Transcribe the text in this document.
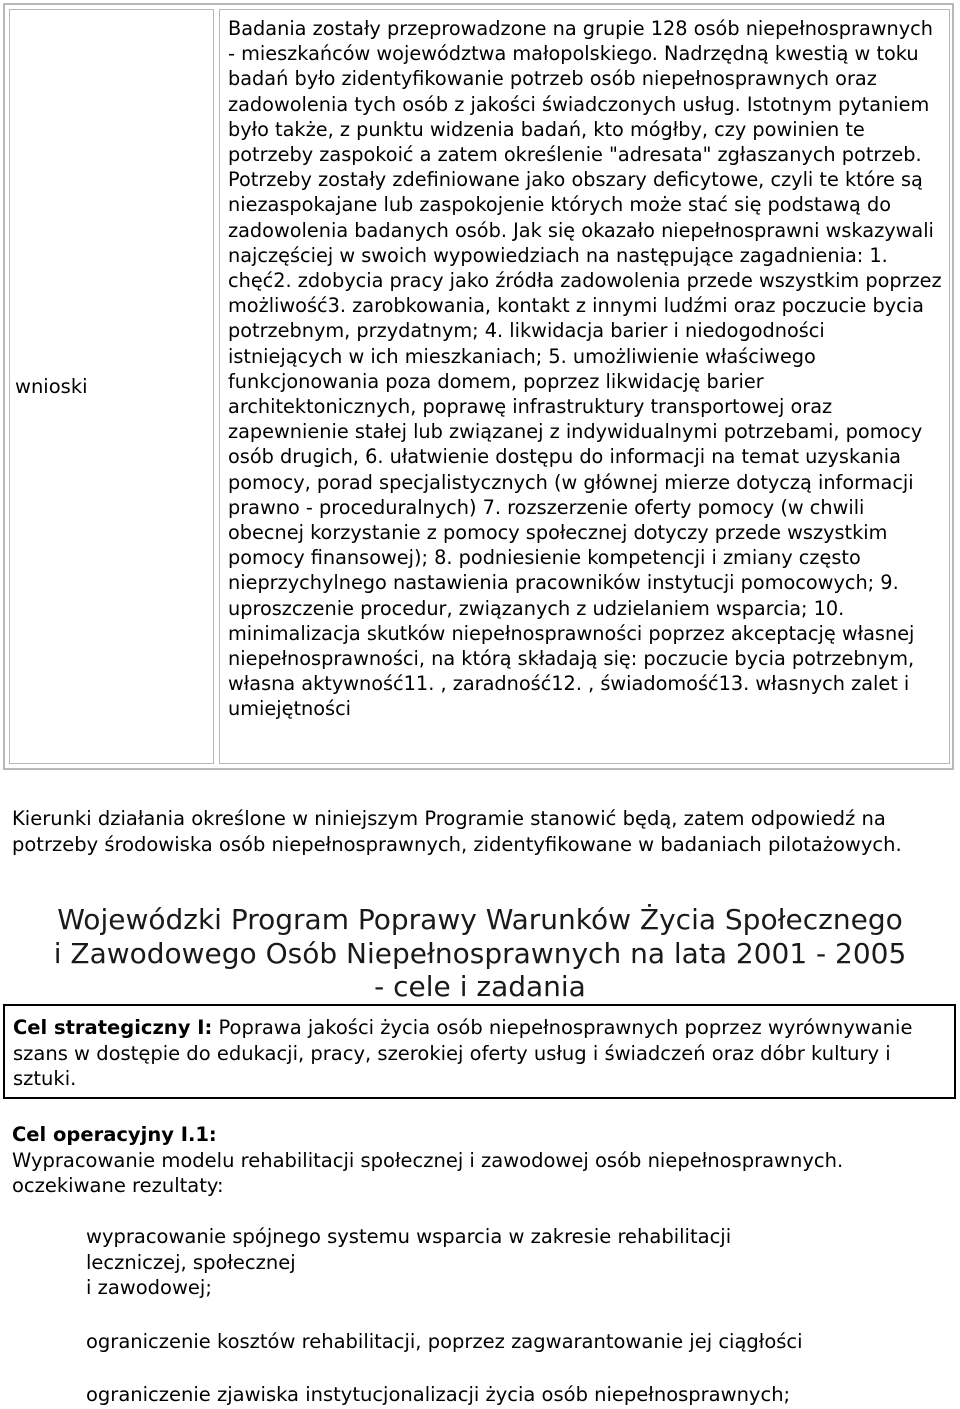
wnioski
Badania zostały przeprowadzone na grupie 128 osób niepełnosprawnych - mieszkańców województwa małopolskiego. Nadrzędną kwestią w toku badań było zidentyfikowanie potrzeb osób niepełnosprawnych oraz zadowolenia tych osób z jakości świadczonych usług. Istotnym pytaniem było także, z punktu widzenia badań, kto mógłby, czy powinien te potrzeby zaspokoić a zatem określenie "adresata" zgłaszanych potrzeb. Potrzeby zostały zdefiniowane jako obszary deficytowe, czyli te które są niezaspokajane lub zaspokojenie których może stać się podstawą do zadowolenia badanych osób. Jak się okazało niepełnosprawni wskazywali najczęściej w swoich wypowiedziach na następujące zagadnienia: 1. chęć2. zdobycia pracy jako źródła zadowolenia przede wszystkim poprzez możliwość3. zarobkowania, kontakt z innymi ludźmi oraz poczucie bycia potrzebnym, przydatnym; 4. likwidacja barier i niedogodności istniejących w ich mieszkaniach; 5. umożliwienie właściwego funkcjonowania poza domem, poprzez likwidację barier architektonicznych, poprawę infrastruktury transportowej oraz zapewnienie stałej lub związanej z indywidualnymi potrzebami, pomocy osób drugich, 6. ułatwienie dostępu do informacji na temat uzyskania pomocy, porad specjalistycznych (w głównej mierze dotyczą informacji prawno - proceduralnych) 7. rozszerzenie oferty pomocy (w chwili obecnej korzystanie z pomocy społecznej dotyczy przede wszystkim pomocy finansowej); 8. podniesienie kompetencji i zmiany często nieprzychylnego nastawienia pracowników instytucji pomocowych; 9. uproszczenie procedur, związanych z udzielaniem wsparcia; 10. minimalizacja skutków niepełnosprawności poprzez akceptację własnej niepełnosprawności, na którą składają się: poczucie bycia potrzebnym, własna aktywność11. , zaradność12. , świadomość13. własnych zalet i umiejętności
Kierunki działania określone w niniejszym Programie stanowić będą, zatem odpowiedź na potrzeby środowiska osób niepełnosprawnych, zidentyfikowane w badaniach pilotażowych.
Wojewódzki Program Poprawy Warunków Życia Społecznego
i Zawodowego Osób Niepełnosprawnych na lata 2001 - 2005
- cele i zadania
Cel strategiczny I: Poprawa jakości życia osób niepełnosprawnych poprzez wyrównywanie szans w dostępie do edukacji, pracy, szerokiej oferty usług i świadczeń oraz dóbr kultury i sztuki.
Cel operacyjny I.1:
Wypracowanie modelu rehabilitacji społecznej i zawodowej osób niepełnosprawnych.
oczekiwane rezultaty:
wypracowanie spójnego systemu wsparcia w zakresie rehabilitacji
leczniczej, społecznej
i zawodowej;
ograniczenie kosztów rehabilitacji, poprzez zagwarantowanie jej ciągłości
ograniczenie zjawiska instytucjonalizacji życia osób niepełnosprawnych;
